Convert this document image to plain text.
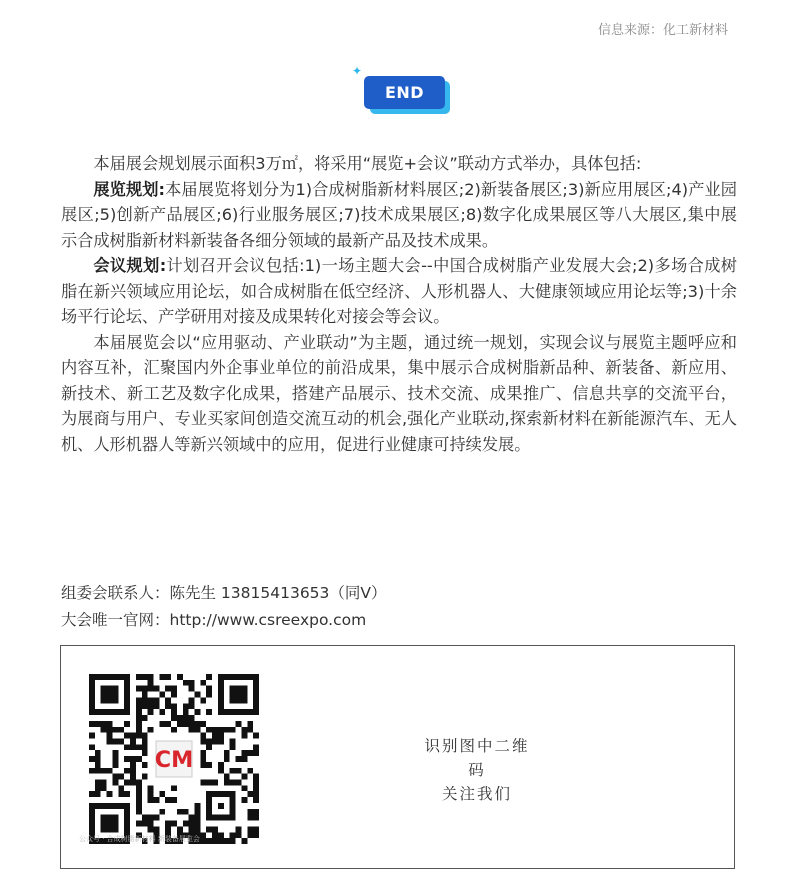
信息来源：化工新材料
✦
END

本届展会规划展示面积3万㎡，将采用“展览+会议”联动方式举办，具体包括:

展览规划:本届展览将划分为1)合成树脂新材料展区;2)新装备展区;3)新应用展区;4)产业园展区;5)创新产品展区;6)行业服务展区;7)技术成果展区;8)数字化成果展区等八大展区,集中展示合成树脂新材料新装备各细分领域的最新产品及技术成果。

会议规划:计划召开会议包括:1)一场主题大会--中国合成树脂产业发展大会;2)多场合成树脂在新兴领域应用论坛，如合成树脂在低空经济、人形机器人、大健康领域应用论坛等;3)十余场平行论坛、产学研用对接及成果转化对接会等会议。

本届展览会以“应用驱动、产业联动”为主题，通过统一规划，实现会议与展览主题呼应和内容互补，汇聚国内外企事业单位的前沿成果，集中展示合成树脂新品种、新装备、新应用、新技术、新工艺及数字化成果，搭建产品展示、技术交流、成果推广、信息共享的交流平台，为展商与用户、专业买家间创造交流互动的机会,强化产业联动,探索新材料在新能源汽车、无人机、人形机器人等新兴领域中的应用，促进行业健康可持续发展。

组委会联系人：陈先生 13815413653（同V）
大会唯一官网：http://www.csreexpo.com
CM
公众号 · 合成树脂新材料 新装备展览会
识别图中二维码
关注我们
